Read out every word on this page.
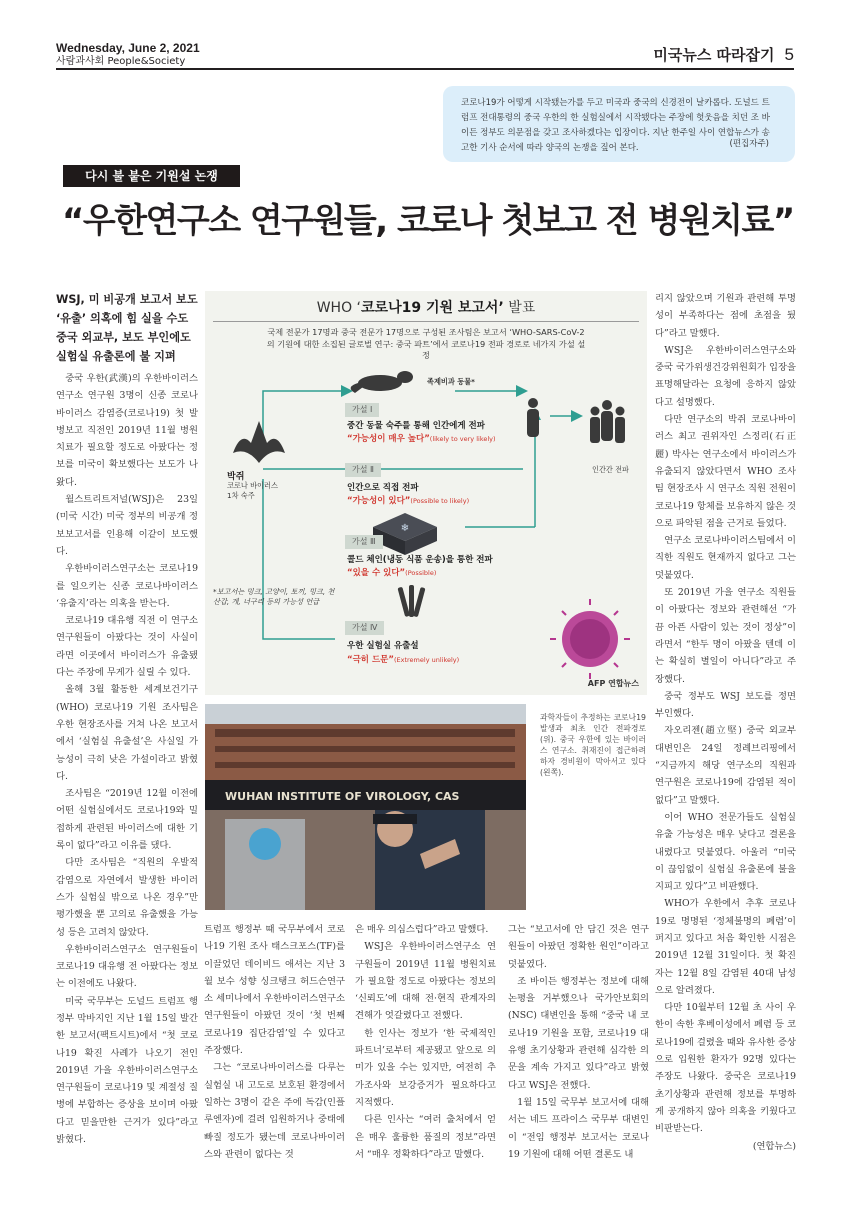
Wednesday, June 2, 2021
사람과사회 People&Society	미국뉴스 따라잡기 5
코로나19가 어떻게 시작됐는가를 두고 미국과 중국의 신경전이 날카롭다. 도널드 트럼프 전대통령의 중국 우한의 한 실험실에서 시작됐다는 주장에 헛웃음을 치던 조 바이든 정부도 의문점을 갖고 조사하겠다는 입장이다. 지난 한주일 사이 연합뉴스가 송고한 기사 순서에 따라 양국의 논쟁을 짚어 본다.	(편집자주)
다시 불 붙은 기원설 논쟁
“우한연구소 연구원들, 코로나 첫보고 전 병원치료”
WSJ, 미 비공개 보고서 보도 ‘유출’ 의혹에 힘 실을 수도 중국 외교부, 보도 부인에도 실험실 유출론에 불 지펴

중국 우한(武漢)의 우한바이러스연구소 연구원 3명이 신종 코로나바이러스 감염증(코로나19) 첫 발병보고 직전인 2019년 11월 병원치료가 필요할 정도로 아팠다는 정보를 미국이 확보했다는 보도가 나왔다.

월스트리트저널(WSJ)은 23일(미국 시간) 미국 정부의 비공개 정보보고서를 인용해 이같이 보도했다.

우한바이러스연구소는 코로나19를 일으키는 신종 코로나바이러스 ‘유출지’라는 의혹을 받는다.

코로나19 대유행 직전 이 연구소 연구원들이 아팠다는 것이 사실이라면 이곳에서 바이러스가 유출됐다는 주장에 무게가 실릴 수 있다.

올해 3월 활동한 세계보건기구(WHO) 코로나19 기원 조사팀은 우한 현장조사를 거쳐 나온 보고서에서 ‘실험실 유출설’은 사실일 가능성이 극히 낮은 가설이라고 밝혔다.

조사팀은 “2019년 12월 이전에 어떤 실험실에서도 코로나19와 밀접하게 관련된 바이러스에 대한 기록이 없다”라고 이유를 댔다.

다만 조사팀은 “직원의 우발적 감염으로 자연에서 발생한 바이러스가 실험실 밖으로 나온 경우”만 평가했을 뿐 고의로 유출했을 가능성 등은 고려치 않았다.

우한바이러스연구소 연구원들이 코로나19 대유행 전 아팠다는 정보는 이전에도 나왔다.

미국 국무부는 도널드 트럼프 행정부 막바지인 지난 1월 15일 발간한 보고서(팩트시트)에서 “첫 코로나19 확진 사례가 나오기 전인 2019년 가을 우한바이러스연구소 연구원들이 코로나19 및 계절성 질병에 부합하는 증상을 보이며 아팠다고 믿을만한 근거가 있다”라고 밝혔다.

트럼프 행정부 때 국무부에서 코로나19 기원 조사 태스크포스(TF)를 이끌었던 데이비드 애셔는 지난 3월 보수 성향 싱크탱크 허드슨연구소 세미나에서 우한바이러스연구소 연구원들이 아팠던 것이 ‘첫 번째 코로나19 집단감염’일 수 있다고 주장했다.

그는 “코로나바이러스를 다루는 실험실 내 고도로 보호된 환경에서 일하는 3명이 같은 주에 독감(인플루엔자)에 걸려 입원하거나 중태에 빠질 정도가 됐는데 코로나바이러스와 관련이 없다는 것

은 매우 의심스럽다”라고 말했다.

WSJ은 우한바이러스연구소 연구원들이 2019년 11월 병원치료가 필요할 정도로 아팠다는 정보의 ‘신뢰도’에 대해 전·현직 관계자의 견해가 엇갈렸다고 전했다.

한 인사는 정보가 ‘한 국제적인 파트너’로부터 제공됐고 앞으로 의미가 있을 수는 있지만, 여전히 추가조사와 보강증거가 필요하다고 지적했다.

다른 인사는 “여러 출처에서 얻은 매우 훌륭한 품질의 정보”라면서 “매우 정확하다”라고 말했다.

그는 “보고서에 안 담긴 것은 연구원들이 아팠던 정확한 원인”이라고 덧붙였다.

조 바이든 행정부는 정보에 대해 논평을 거부했으나 국가안보회의(NSC) 대변인을 통해 “중국 내 코로나19 기원을 포함, 코로나19 대유행 초기상황과 관련해 심각한 의문을 계속 가지고 있다”라고 밝혔다고 WSJ은 전했다.

1월 15일 국무부 보고서에 대해서는 네드 프라이스 국무부 대변인이 “전임 행정부 보고서는 코로나19 기원에 대해 어떤 결론도 내

리지 않았으며 기원과 관련해 투명성이 부족하다는 점에 초점을 뒀다”라고 말했다.

WSJ은 우한바이러스연구소와 중국 국가위생건강위원회가 입장을 표명해달라는 요청에 응하지 않았다고 설명했다.

다만 연구소의 박쥐 코로나바이러스 최고 권위자인 스정리(石正麗) 박사는 연구소에서 바이러스가 유출되지 않았다면서 WHO 조사팀 현장조사 시 연구소 직원 전원이 코로나19 항체를 보유하지 않은 것으로 파악된 점을 근거로 들었다.

연구소 코로나바이러스팀에서 이직한 직원도 현재까지 없다고 그는 덧붙였다.

또 2019년 가을 연구소 직원들이 아팠다는 정보와 관련해선 “가끔 아픈 사람이 있는 것이 정상”이라면서 “한두 명이 아팠을 텐데 이는 확실히 별일이 아니다”라고 주장했다.

중국 정부도 WSJ 보도를 정면 부인했다.

자오리젠(趙立堅) 중국 외교부 대변인은 24일 정례브리핑에서 “지금까지 해당 연구소의 직원과 연구원은 코로나19에 감염된 적이 없다”고 말했다.

이어 WHO 전문가들도 실험실 유출 가능성은 매우 낮다고 결론을 내렸다고 덧붙였다. 아울러 “미국이 끊임없이 실험실 유출론에 불을 지피고 있다”고 비판했다.

WHO가 우한에서 추후 코로나19로 명명된 ‘정체불명의 폐렴’이 퍼지고 있다고 처음 확인한 시점은 2019년 12월 31일이다. 첫 확진자는 12월 8일 감염된 40대 남성으로 알려졌다.

다만 10월부터 12월 초 사이 우한이 속한 후베이성에서 폐렴 등 코로나19에 걸렸을 때와 유사한 증상으로 입원한 환자가 92명 있다는 주장도 나왔다. 중국은 코로나19 초기상황과 관련해 정보를 투명하게 공개하지 않아 의혹을 키웠다고 비판받는다.

(연합뉴스)

WHO ‘코로나19 기원 보고서’ 발표
국제 전문가 17명과 중국 전문가 17명으로 구성된 조사팀은 보고서 ‘WHO-SARS-CoV-2의 기원에 대한 소집된 글로벌 연구: 중국 파트’에서 코로나19 전파 경로로 네가지 가설 설정
❄
족제비과 동물*
박쥐
코로나 바이러스
1차 숙주
인간간 전파
가설 Ⅰ
중간 동물 숙주를 통해 인간에게 전파
“가능성이 매우 높다”(likely to very likely)
가설 Ⅱ
인간으로 직접 전파
“가능성이 있다”(Possible to likely)
가설 Ⅲ
콜드 체인(냉동 식품 운송)을 통한 전파
“있을 수 있다”(Possible)
가설 Ⅳ
우한 실험실 유출설
“극히 드문”(Extremely unlikely)
*보고서는 밍크, 고양이, 토끼, 밍크, 천산갑, 개, 너구리 등의 가능성 언급
AFP 연합뉴스
WUHAN INSTITUTE OF VIROLOGY, CAS
과학자들이 추정하는 코로나19 발생과 최초 인간 전파경로(위). 중국 우한에 있는 바이러스 연구소. 취재진이 접근하려하자 경비원이 막아서고 있다(왼쪽).
